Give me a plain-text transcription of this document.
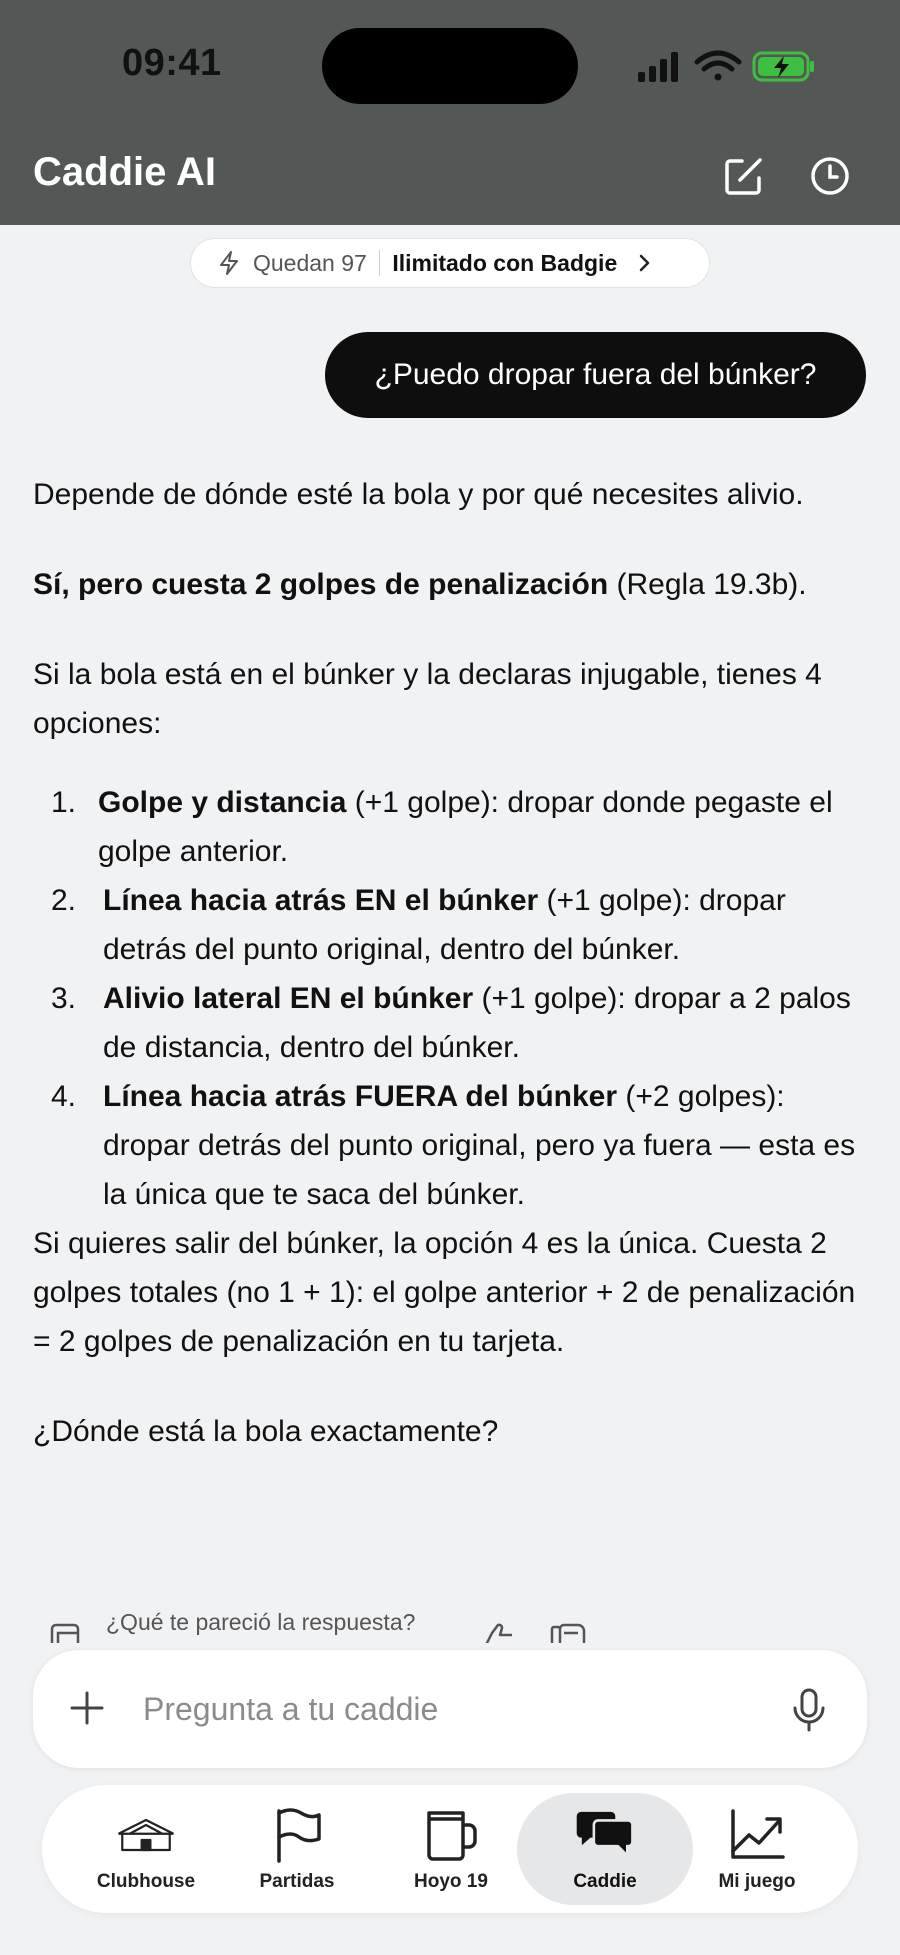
09:41
Caddie AI
Quedan 97 Ilimitado con Badgie
¿Puedo dropar fuera del búnker?

Depende de dónde esté la bola y por qué necesites alivio.

Sí, pero cuesta 2 golpes de penalización (Regla 19.3b).

Si la bola está en el búnker y la declaras injugable, tienes 4 opciones:

1. Golpe y distancia (+1 golpe): dropar donde pegaste el golpe anterior.
2. Línea hacia atrás EN el búnker (+1 golpe): dropar detrás del punto original, dentro del búnker.
3. Alivio lateral EN el búnker (+1 golpe): dropar a 2 palos de distancia, dentro del búnker.
4. Línea hacia atrás FUERA del búnker (+2 golpes): dropar detrás del punto original, pero ya fuera — esta es la única que te saca del búnker.

Si quieres salir del búnker, la opción 4 es la única. Cuesta 2 golpes totales (no 1 + 1): el golpe anterior + 2 de penalización = 2 golpes de penalización en tu tarjeta.

¿Dónde está la bola exactamente?

¿Qué te pareció la respuesta?
Pregunta a tu caddie
Clubhouse	Partidas	Hoyo 19	Caddie	Mi juego
